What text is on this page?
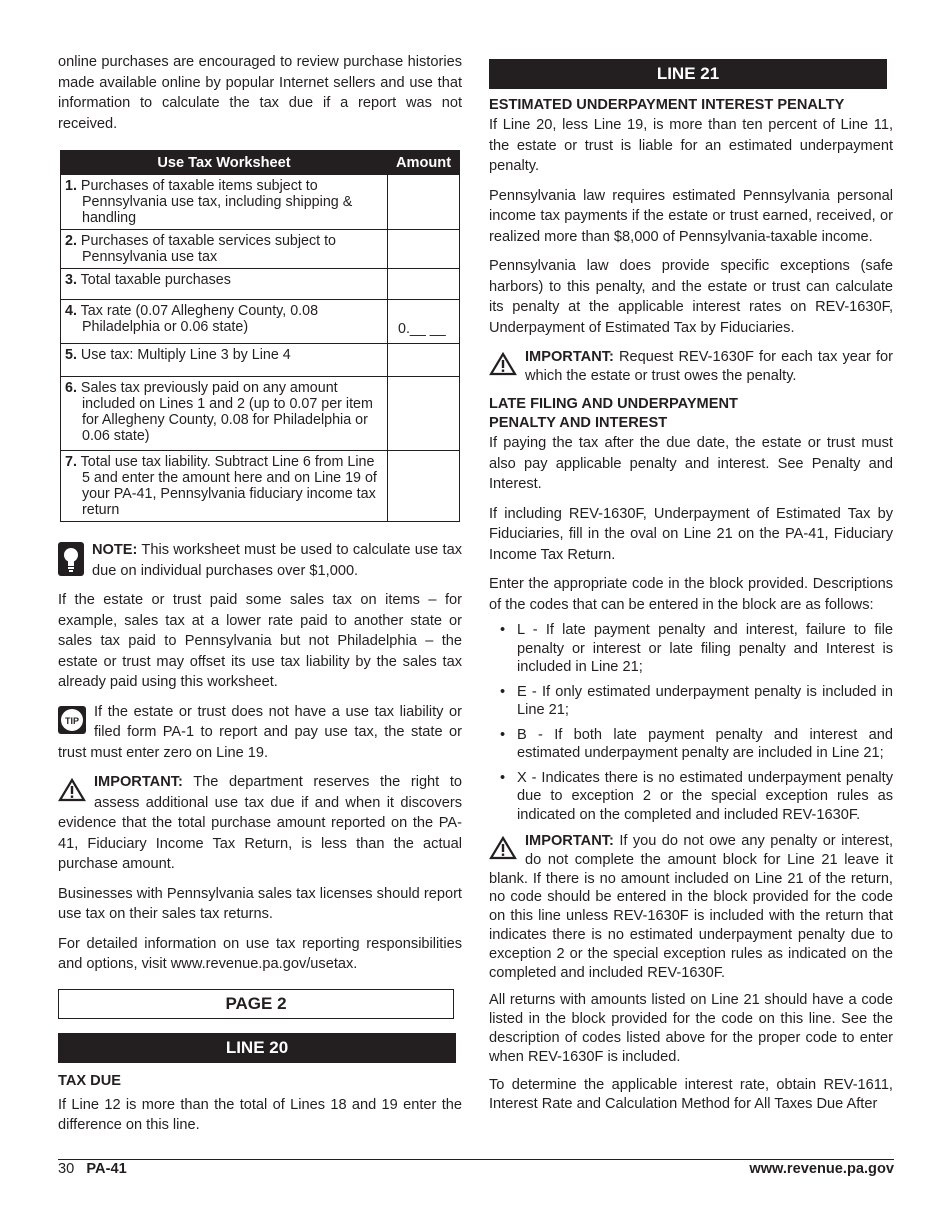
online purchases are encouraged to review purchase histories made available online by popular Internet sellers and use that information to calculate the tax due if a report was not received.

Use Tax Worksheet	Amount

1. Purchases of taxable items subject to Pennsylvania use tax, including shipping & handling	

2. Purchases of taxable services subject to Pennsylvania use tax	

3. Total taxable purchases	

4. Tax rate (0.07 Allegheny County, 0.08 Philadelphia or 0.06 state)	0.__ __

5. Use tax: Multiply Line 3 by Line 4	

6. Sales tax previously paid on any amount included on Lines 1 and 2 (up to 0.07 per item for Allegheny County, 0.08 for Philadelphia or 0.06 state)	

7. Total use tax liability. Subtract Line 6 from Line 5 and enter the amount here and on Line 19 of your PA-41, Pennsylvania fiduciary income tax return	

NOTE: This worksheet must be used to calculate use tax due on individual purchases over $1,000.

If the estate or trust paid some sales tax on items – for example, sales tax at a lower rate paid to another state or sales tax paid to Pennsylvania but not Philadelphia – the estate or trust may offset its use tax liability by the sales tax already paid using this worksheet.

TIP

If the estate or trust does not have a use tax liability or filed form PA-1 to report and pay use tax, the state or trust must enter zero on Line 19.

IMPORTANT: The department reserves the right to assess additional use tax due if and when it discovers evidence that the total purchase amount reported on the PA-41, Fiduciary Income Tax Return, is less than the actual purchase amount.

Businesses with Pennsylvania sales tax licenses should report use tax on their sales tax returns.

For detailed information on use tax reporting responsibilities and options, visit www.revenue.pa.gov/usetax.

PAGE 2
LINE 20

TAX DUE

If Line 12 is more than the total of Lines 18 and 19 enter the difference on this line.

LINE 21

ESTIMATED UNDERPAYMENT INTEREST PENALTY

If Line 20, less Line 19, is more than ten percent of Line 11, the estate or trust is liable for an estimated underpayment penalty.

Pennsylvania law requires estimated Pennsylvania personal income tax payments if the estate or trust earned, received, or realized more than $8,000 of Pennsylvania-taxable income.

Pennsylvania law does provide specific exceptions (safe harbors) to this penalty, and the estate or trust can calculate its penalty at the applicable interest rates on REV-1630F, Underpayment of Estimated Tax by Fiduciaries.

IMPORTANT: Request REV-1630F for each tax year for which the estate or trust owes the penalty.

LATE FILING AND UNDERPAYMENT

PENALTY AND INTEREST

If paying the tax after the due date, the estate or trust must also pay applicable penalty and interest. See Penalty and Interest.

If including REV-1630F, Underpayment of Estimated Tax by Fiduciaries, fill in the oval on Line 21 on the PA-41, Fiduciary Income Tax Return.

Enter the appropriate code in the block provided. Descriptions of the codes that can be entered in the block are as follows:

• L - If late payment penalty and interest, failure to file penalty or interest or late filing penalty and Interest is included in Line 21;
• E - If only estimated underpayment penalty is included in Line 21;
• B - If both late payment penalty and interest and estimated underpayment penalty are included in Line 21;
• X - Indicates there is no estimated underpayment penalty due to exception 2 or the special exception rules as indicated on the completed and included REV-1630F.

IMPORTANT: If you do not owe any penalty or interest, do not complete the amount block for Line 21 leave it blank. If there is no amount included on Line 21 of the return, no code should be entered in the block provided for the code on this line unless REV-1630F is included with the return that indicates there is no estimated underpayment penalty due to exception 2 or the special exception rules as indicated on the completed and included REV-1630F.

All returns with amounts listed on Line 21 should have a code listed in the block provided for the code on this line. See the description of codes listed above for the proper code to enter when REV-1630F is included.

To determine the applicable interest rate, obtain REV-1611, Interest Rate and Calculation Method for All Taxes Due After

30 PA-41	www.revenue.pa.gov
